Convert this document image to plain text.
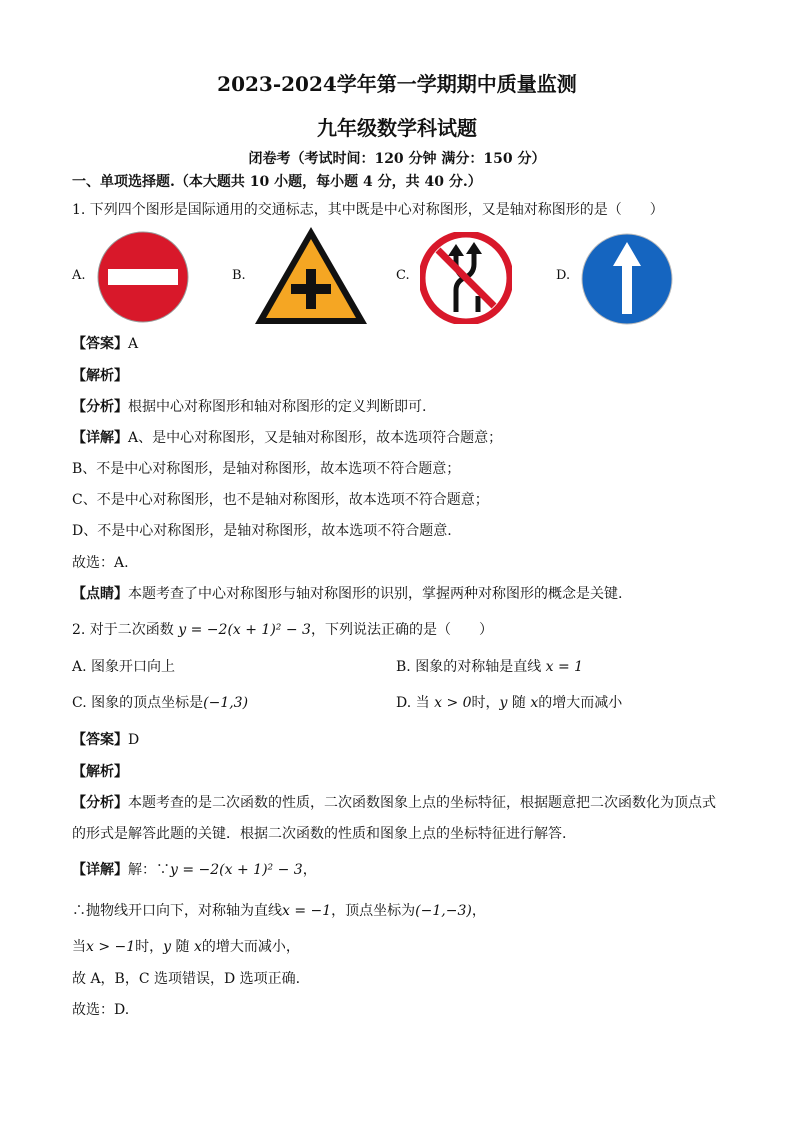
2023-2024学年第一学期期中质量监测
九年级数学科试题
闭卷考（考试时间：120 分钟 满分：150 分）
一、单项选择题.（本大题共 10 小题，每小题 4 分，共 40 分.）
1. 下列四个图形是国际通用的交通标志，其中既是中心对称图形，又是轴对称图形的是（　　）
A.	B.	C.	D.
【答案】A
【解析】
【分析】根据中心对称图形和轴对称图形的定义判断即可.
【详解】A、是中心对称图形，又是轴对称图形，故本选项符合题意；
B、不是中心对称图形，是轴对称图形，故本选项不符合题意；
C、不是中心对称图形，也不是轴对称图形，故本选项不符合题意；
D、不是中心对称图形，是轴对称图形，故本选项不符合题意.
故选：A.
【点睛】本题考查了中心对称图形与轴对称图形的识别，掌握两种对称图形的概念是关键.
2. 对于二次函数 y = −2(x + 1)² − 3，下列说法正确的是（　　）
A. 图象开口向上	B. 图象的对称轴是直线 x = 1
C. 图象的顶点坐标是(−1,3)	D. 当 x > 0时，y 随 x的增大而减小
【答案】D
【解析】
【分析】本题考查的是二次函数的性质，二次函数图象上点的坐标特征，根据题意把二次函数化为顶点式
的形式是解答此题的关键．根据二次函数的性质和图象上点的坐标特征进行解答.
【详解】解：∵y = −2(x + 1)² − 3，
∴抛物线开口向下，对称轴为直线x = −1，顶点坐标为(−1,−3)，
当x > −1时，y 随 x的增大而减小，
故 A，B，C 选项错误，D 选项正确.
故选：D.
